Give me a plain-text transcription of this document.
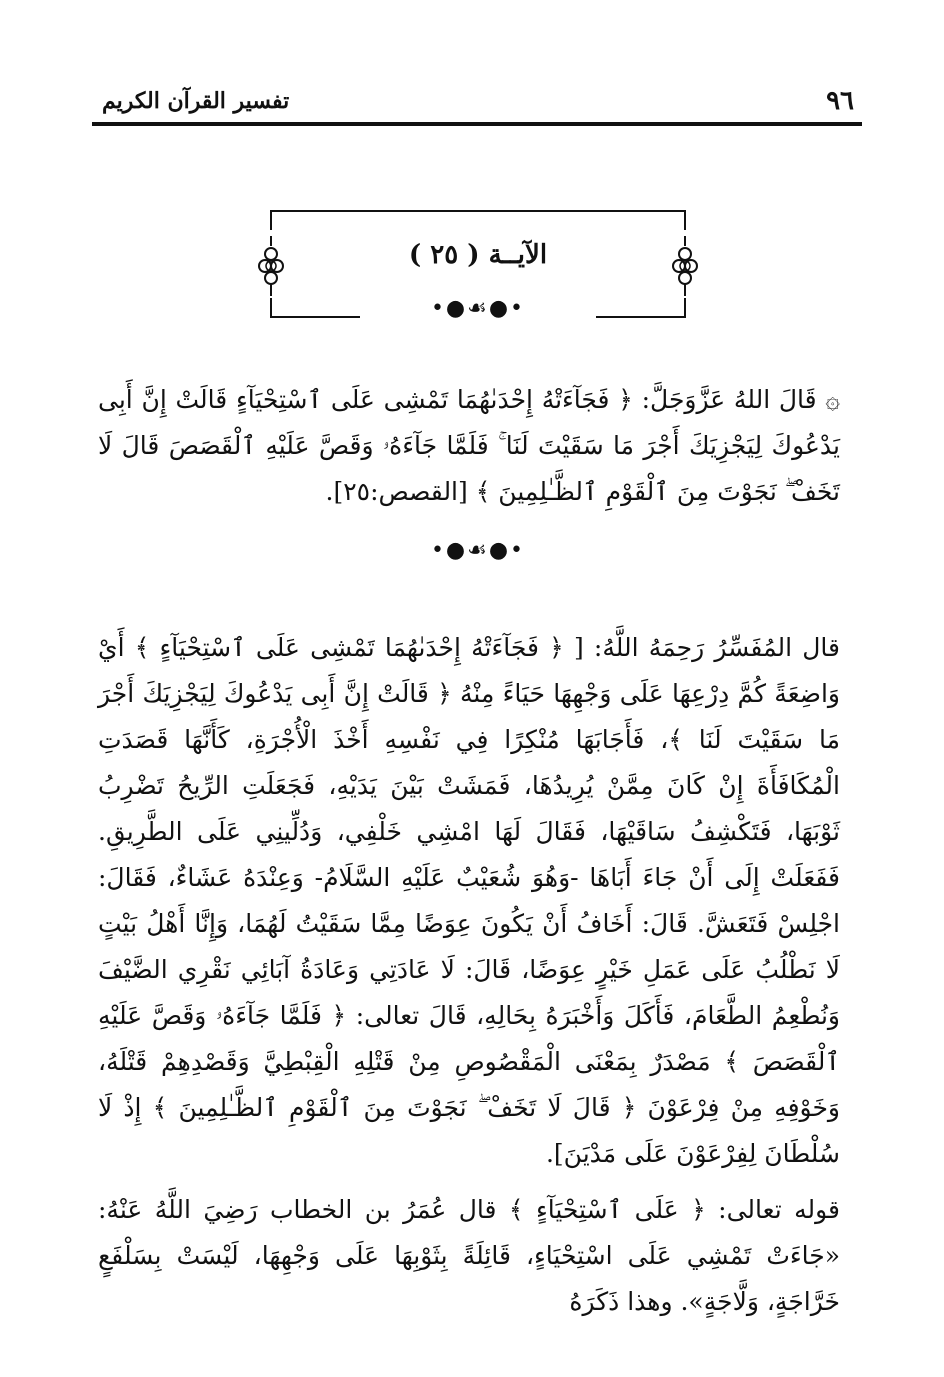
٩٦
تفسير القرآن الكريم
الآيــة ( ٢٥ )
•●☙●•

۞ قَالَ اللهُ عَزَّوَجَلَّ: ﴿ فَجَآءَتْهُ إِحْدَىٰهُمَا تَمْشِى عَلَى ٱسْتِحْيَآءٍ قَالَتْ إِنَّ أَبِى يَدْعُوكَ لِيَجْزِيَكَ أَجْرَ مَا سَقَيْتَ لَنَا ۚ فَلَمَّا جَآءَهُۥ وَقَصَّ عَلَيْهِ ٱلْقَصَصَ قَالَ لَا تَخَفْ ۖ نَجَوْتَ مِنَ ٱلْقَوْمِ ٱلظَّـٰلِمِينَ ﴾ [القصص:٢٥].

•●☙●•

قال المُفَسِّرُ رَحِمَهُ اللَّهُ: [ ﴿ فَجَآءَتْهُ إِحْدَىٰهُمَا تَمْشِى عَلَى ٱسْتِحْيَآءٍ ﴾ أَيْ وَاضِعَةً كُمَّ دِرْعِهَا عَلَى وَجْهِهَا حَيَاءً مِنْهُ ﴿ قَالَتْ إِنَّ أَبِى يَدْعُوكَ لِيَجْزِيَكَ أَجْرَ مَا سَقَيْتَ لَنَا ﴾، فَأَجَابَهَا مُنْكِرًا فِي نَفْسِهِ أَخْذَ الْأُجْرَةِ، كَأَنَّهَا قَصَدَتِ الْمُكَافَأَةَ إِنْ كَانَ مِمَّنْ يُرِيدُهَا، فَمَشَتْ بَيْنَ يَدَيْهِ، فَجَعَلَتِ الرِّيحُ تَضْرِبُ ثَوْبَهَا، فَتَكْشِفُ سَاقَيْهَا، فَقَالَ لَهَا امْشِي خَلْفِي، وَدُلِّينِي عَلَى الطَّرِيقِ. فَفَعَلَتْ إِلَى أَنْ جَاءَ أَبَاهَا -وَهُوَ شُعَيْبٌ عَلَيْهِ السَّلَامُ- وَعِنْدَهُ عَشَاءٌ، فَقَالَ: اجْلِسْ فَتَعَشَّ. قَالَ: أَخَافُ أَنْ يَكُونَ عِوَضًا مِمَّا سَقَيْتُ لَهُمَا، وَإِنَّا أَهْلُ بَيْتٍ لَا نَطْلُبُ عَلَى عَمَلِ خَيْرٍ عِوَضًا، قَالَ: لَا عَادَتِي وَعَادَةُ آبَائِي نَقْرِي الضَّيْفَ وَنُطْعِمُ الطَّعَامَ، فَأَكَلَ وَأَخْبَرَهُ بِحَالِهِ، قَالَ تعالى: ﴿ فَلَمَّا جَآءَهُۥ وَقَصَّ عَلَيْهِ ٱلْقَصَصَ ﴾ مَصْدَرٌ بِمَعْنَى الْمَقْصُوصِ مِنْ قَتْلِهِ الْقِبْطِيَّ وَقَصْدِهِمْ قَتْلَهُ، وَخَوْفِهِ مِنْ فِرْعَوْنَ ﴿ قَالَ لَا تَخَفْ ۖ نَجَوْتَ مِنَ ٱلْقَوْمِ ٱلظَّـٰلِمِينَ ﴾ إِذْ لَا سُلْطَانَ لِفِرْعَوْنَ عَلَى مَدْيَنَ].

قوله تعالى: ﴿ عَلَى ٱسْتِحْيَآءٍ ﴾ قال عُمَرُ بن الخطاب رَضِيَ اللَّهُ عَنْهُ: «جَاءَتْ تَمْشِي عَلَى اسْتِحْيَاءٍ، قَائِلَةً بِثَوْبِهَا عَلَى وَجْهِهَا، لَيْسَتْ بِسَلْفَعٍ خَرَّاجَةٍ، وَلَّاجَةٍ». وهذا ذَكَرَهُ
